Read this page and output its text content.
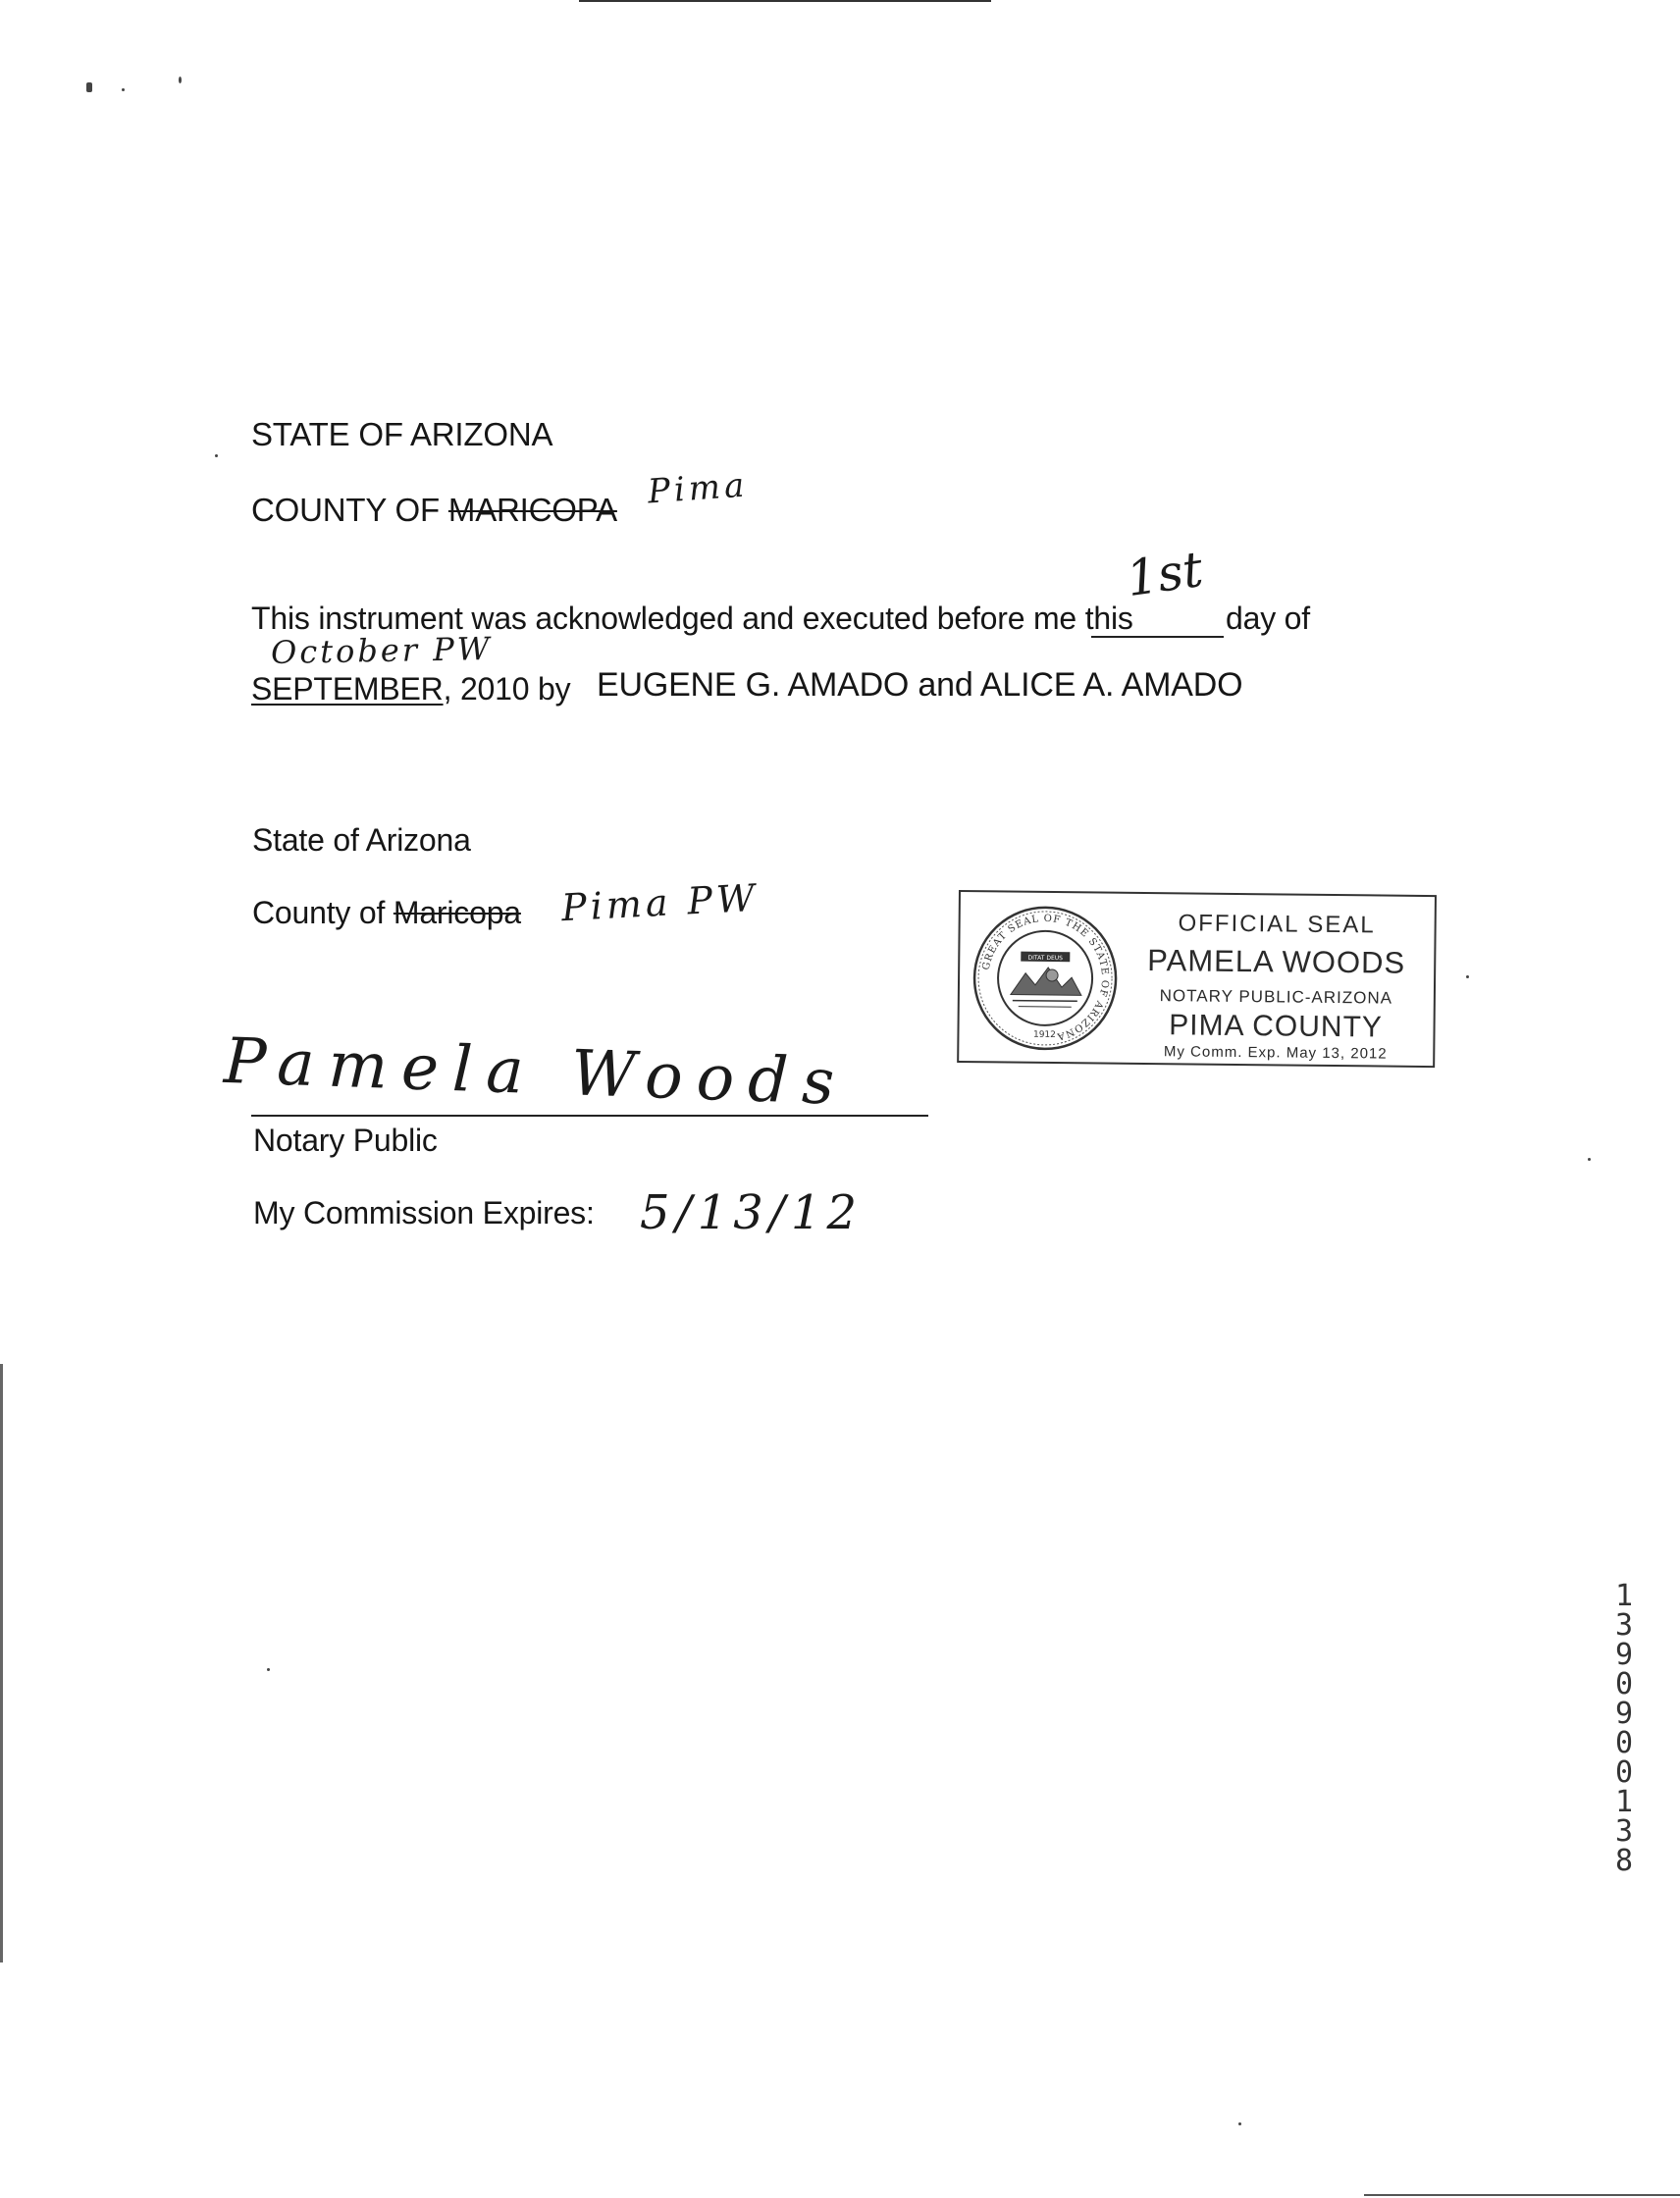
STATE OF ARIZONA
COUNTY OF MARICOPA Pima
This instrument was acknowledged and executed before me this
1st
day of
October PW
SEPTEMBER, 2010 by EUGENE G. AMADO and ALICE A. AMADO
State of Arizona
County of Maricopa Pima PW
Pamela Woods
Notary Public
My Commission Expires: 5/13/12
GREAT SEAL OF THE STATE OF ARIZONA
DITAT DEUS
1912
OFFICIAL SEAL
PAMELA WOODS
NOTARY PUBLIC-ARIZONA
PIMA COUNTY
My Comm. Exp. May 13, 2012
13909 00138
